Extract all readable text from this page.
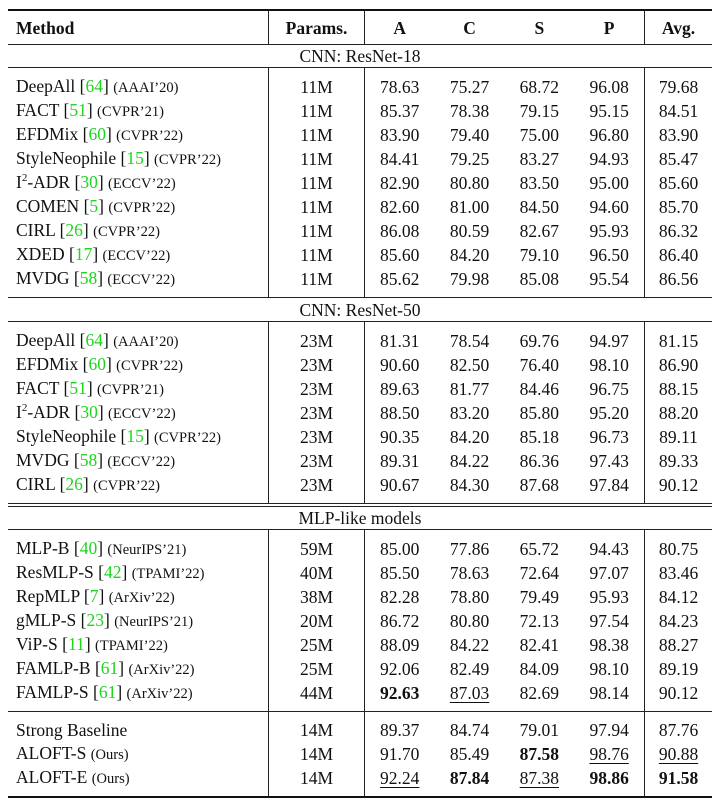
Method	Params.	A	C	S	P	Avg.
CNN: ResNet-18						
DeepAll [64] (AAAI’20)	11M	78.63	75.27	68.72	96.08	79.68
FACT [51] (CVPR’21)	11M	85.37	78.38	79.15	95.15	84.51
EFDMix [60] (CVPR’22)	11M	83.90	79.40	75.00	96.80	83.90
StyleNeophile [15] (CVPR’22)	11M	84.41	79.25	83.27	94.93	85.47
$I^2$-ADR [30] (ECCV’22)	11M	82.90	80.80	83.50	95.00	85.60
COMEN [5] (CVPR’22)	11M	82.60	81.00	84.50	94.60	85.70
CIRL [26] (CVPR’22)	11M	86.08	80.59	82.67	95.93	86.32
XDED [17] (ECCV’22)	11M	85.60	84.20	79.10	96.50	86.40
MVDG [58] (ECCV’22)	11M	85.62	79.98	85.08	95.54	86.56
CNN: ResNet-50						
DeepAll [64] (AAAI’20)	23M	81.31	78.54	69.76	94.97	81.15
EFDMix [60] (CVPR’22)	23M	90.60	82.50	76.40	98.10	86.90
FACT [51] (CVPR’21)	23M	89.63	81.77	84.46	96.75	88.15
$I^2$-ADR [30] (ECCV’22)	23M	88.50	83.20	85.80	95.20	88.20
StyleNeophile [15] (CVPR’22)	23M	90.35	84.20	85.18	96.73	89.11
MVDG [58] (ECCV’22)	23M	89.31	84.22	86.36	97.43	89.33
CIRL [26] (CVPR’22)	23M	90.67	84.30	87.68	97.84	90.12
MLP-like models						
MLP-B [40] (NeurIPS’21)	59M	85.00	77.86	65.72	94.43	80.75
ResMLP-S [42] (TPAMI’22)	40M	85.50	78.63	72.64	97.07	83.46
RepMLP [7] (ArXiv’22)	38M	82.28	78.80	79.49	95.93	84.12
gMLP-S [23] (NeurIPS’21)	20M	86.72	80.80	72.13	97.54	84.23
ViP-S [11] (TPAMI’22)	25M	88.09	84.22	82.41	98.38	88.27
FAMLP-B [61] (ArXiv’22)	25M	92.06	82.49	84.09	98.10	89.19
FAMLP-S [61] (ArXiv’22)	44M	92.63	87.03	82.69	98.14	90.12
Strong Baseline	14M	89.37	84.74	79.01	97.94	87.76
ALOFT-S (Ours)	14M	91.70	85.49	87.58	98.76	90.88
ALOFT-E (Ours)	14M	92.24	87.84	87.38	98.86	91.58
